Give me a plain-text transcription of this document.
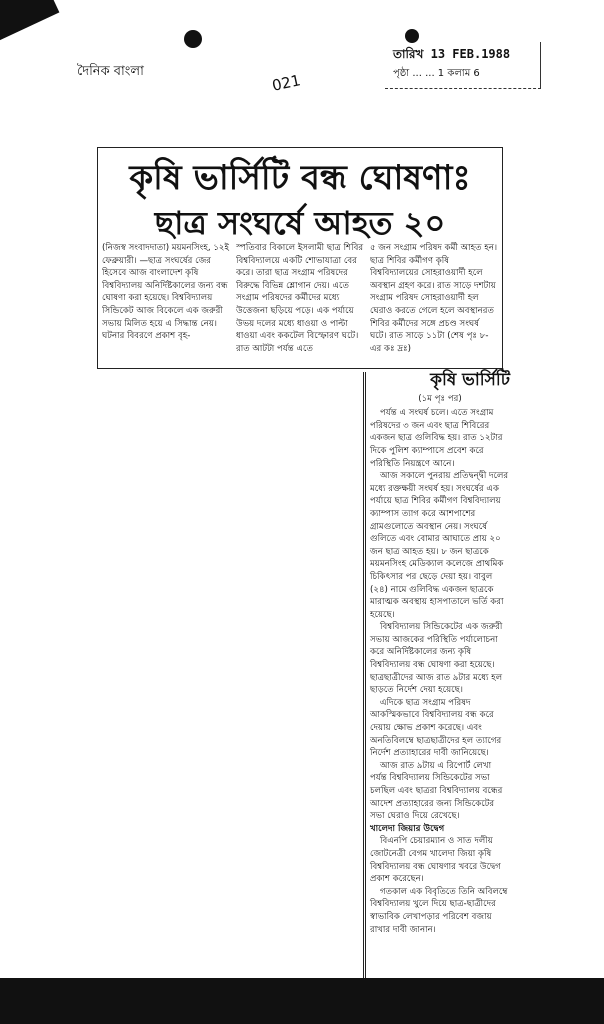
দৈনিক বাংলা
তারিখ 13 FEB.1988
পৃষ্ঠা ... ... 1 কলাম 6
021
কৃষি ভার্সিটি বন্ধ ঘোষণাঃ
ছাত্র সংঘর্ষে আহত ২০
(নিজস্ব সংবাদদাতা) ময়মনসিংহ, ১২ই ফেব্রুয়ারী। —ছাত্র সংঘর্ষের জের হিসেবে আজ বাংলাদেশ কৃষি বিশ্ববিদ্যালয় অনির্দিষ্টকালের জন্য বন্ধ ঘোষণা করা হয়েছে। বিশ্ববিদ্যালয় সিন্ডিকেট আজ বিকেলে এক জরুরী সভায় মিলিত হয়ে এ সিদ্ধান্ত নেয়। ঘটনার বিবরণে প্রকাশ বৃহ-
স্পতিবার বিকালে ইসলামী ছাত্র শিবির বিশ্ববিদ্যালয়ে একটি শোভাযাত্রা বের করে। তারা ছাত্র সংগ্রাম পরিষদের বিরুদ্ধে বিভিন্ন শ্লোগান দেয়। এতে সংগ্রাম পরিষদের কর্মীদের মধ্যে উত্তেজনা ছড়িয়ে পড়ে। এক পর্যায়ে উভয় দলের মধ্যে ধাওয়া ও পাল্টা ধাওয়া এবং ককটেল বিস্ফোরণ ঘটে। রাত আটটা পর্যন্ত এতে
৫ জন সংগ্রাম পরিষদ কর্মী আহত হন। ছাত্র শিবির কর্মীগণ কৃষি বিশ্ববিদ্যালয়ের সোহরাওয়ার্দী হলে অবস্থান গ্রহণ করে। রাত সাড়ে দশটায় সংগ্রাম পরিষদ সোহরাওয়ার্দী হল ঘেরাও করতে গেলে হলে অবস্থানরত শিবির কর্মীদের সঙ্গে প্রচণ্ড সংঘর্ষ ঘটে। রাত সাড়ে ১১টা (শেষ পৃঃ ৮-এর কঃ দ্রঃ)
কৃষি ভার্সিটি
(১ম পৃঃ পর)

পর্যন্ত এ সংঘর্ষ চলে। এতে সংগ্রাম পরিষদের ৩ জন এবং ছাত্র শিবিরের একজন ছাত্র গুলিবিদ্ধ হয়। রাত ১২টার দিকে পুলিশ ক্যাম্পাসে প্রবেশ করে পরিস্থিতি নিয়ন্ত্রণে আনে।

আজ সকালে পুনরায় প্রতিদ্বন্দ্বী দলের মধ্যে রক্তক্ষয়ী সংঘর্ষ হয়। সংঘর্ষের এক পর্যায়ে ছাত্র শিবির কর্মীগণ বিশ্ববিদ্যালয় ক্যাম্পাস ত্যাগ করে আশপাশের গ্রামগুলোতে অবস্থান নেয়। সংঘর্ষে গুলিতে এবং বোমার আঘাতে প্রায় ২০ জন ছাত্র আহত হয়। ৮ জন ছাত্রকে ময়মনসিংহ মেডিক্যাল কলেজে প্রাথমিক চিকিৎসার পর ছেড়ে দেয়া হয়। বাবুল (২৪) নামে গুলিবিদ্ধ একজন ছাত্রকে মারাত্মক অবস্থায় হাসপাতালে ভর্তি করা হয়েছে।

বিশ্ববিদ্যালয় সিন্ডিকেটের এক জরুরী সভায় আজকের পরিস্থিতি পর্যালোচনা করে অনির্দিষ্টকালের জন্য কৃষি বিশ্ববিদ্যালয় বন্ধ ঘোষণা করা হয়েছে। ছাত্রছাত্রীদের আজ রাত ৯টার মধ্যে হল ছাড়তে নির্দেশ দেয়া হয়েছে।

এদিকে ছাত্র সংগ্রাম পরিষদ আকস্মিকভাবে বিশ্ববিদ্যালয় বন্ধ করে দেয়ায় ক্ষোভ প্রকাশ করেছে। এবং অনতিবিলম্বে ছাত্রছাত্রীদের হল ত্যাগের নির্দেশ প্রত্যাহারের দাবী জানিয়েছে।

আজ রাত ৯টায় এ রিপোর্ট লেখা পর্যন্ত বিশ্ববিদ্যালয় সিন্ডিকেটের সভা চলছিল এবং ছাত্ররা বিশ্ববিদ্যালয় বন্ধের আদেশ প্রত্যাহারের জন্য সিন্ডিকেটের সভা ঘেরাও দিয়ে রেখেছে।

খালেদা জিয়ার উদ্বেগ

বিএনপি চেয়ারম্যান ও সাত দলীয় জোটনেত্রী বেগম খালেদা জিয়া কৃষি বিশ্ববিদ্যালয় বন্ধ ঘোষণার খবরে উদ্বেগ প্রকাশ করেছেন।

গতকাল এক বিবৃতিতে তিনি অবিলম্বে বিশ্ববিদ্যালয় খুলে দিয়ে ছাত্র-ছাত্রীদের স্বাভাবিক লেখাপড়ার পরিবেশ বজায় রাখার দাবী জানান।
